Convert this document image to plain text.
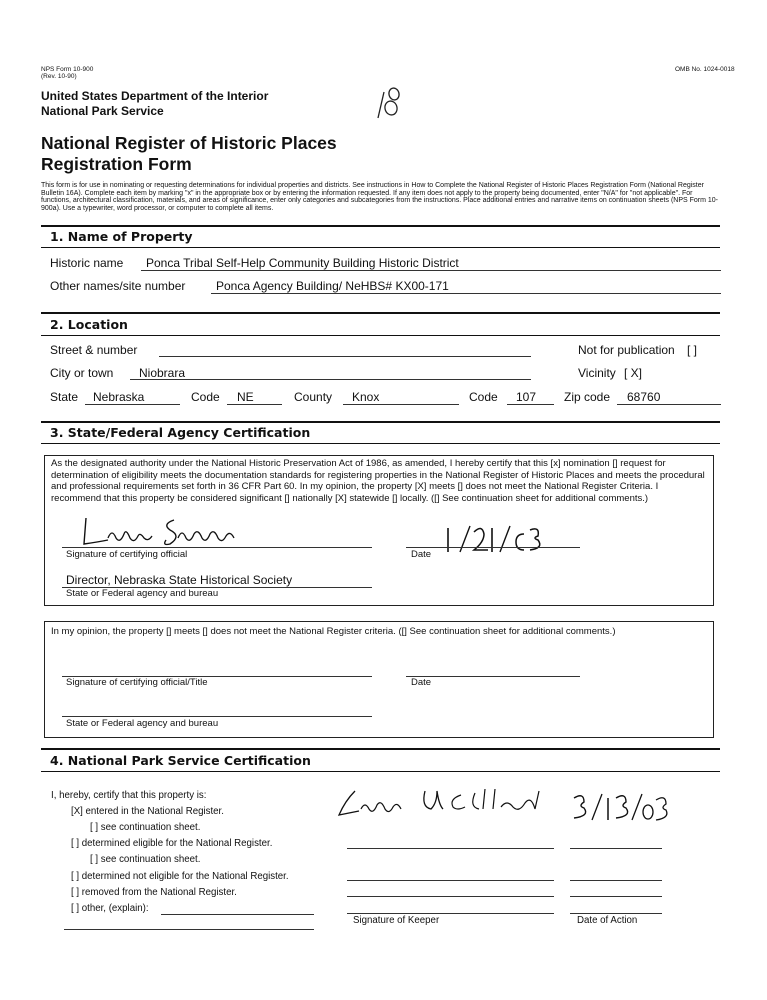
NPS Form 10-900
(Rev. 10-90)
OMB No. 1024-0018
United States Department of the Interior
National Park Service
National Register of Historic Places
Registration Form
This form is for use in nominating or requesting determinations for individual properties and districts. See instructions in How to Complete the National Register of Historic Places Registration Form (National Register Bulletin 16A). Complete each item by marking "x" in the appropriate box or by entering the information requested. If any item does not apply to the property being documented, enter "N/A" for "not applicable". For functions, architectural classification, materials, and areas of significance, enter only categories and subcategories from the instructions. Place additional entries and narrative items on continuation sheets (NPS Form 10-900a). Use a typewriter, word processor, or computer to complete all items.
1. Name of Property
Historic name Ponca Tribal Self-Help Community Building Historic District
Other names/site number	Ponca Agency Building/ NeHBS# KX00-171
2. Location
Street & number	Not for publication [ ]
City or town Niobrara	Vicinity [ X]
State Nebraska	Code NE	County Knox	Code 107 Zip code 68760
3. State/Federal Agency Certification
As the designated authority under the National Historic Preservation Act of 1986, as amended, I hereby certify that this [x] nomination [] request for determination of eligibility meets the documentation standards for registering properties in the National Register of Historic Places and meets the procedural and professional requirements set forth in 36 CFR Part 60. In my opinion, the property [X] meets [] does not meet the National Register Criteria. I recommend that this property be considered significant [] nationally [X] statewide [] locally. ([] See continuation sheet for additional comments.)
Signature of certifying official	Date
Director, Nebraska State Historical Society
State or Federal agency and bureau
In my opinion, the property [] meets [] does not meet the National Register criteria. ([] See continuation sheet for additional comments.)
Signature of certifying official/Title	Date
State or Federal agency and bureau
4. National Park Service Certification
I, hereby, certify that this property is:
[X] entered in the National Register.
[ ] see continuation sheet.
[ ] determined eligible for the National Register.
[ ] see continuation sheet.
[ ] determined not eligible for the National Register.
[ ] removed from the National Register.
[ ] other, (explain):
Signature of Keeper	Date of Action
